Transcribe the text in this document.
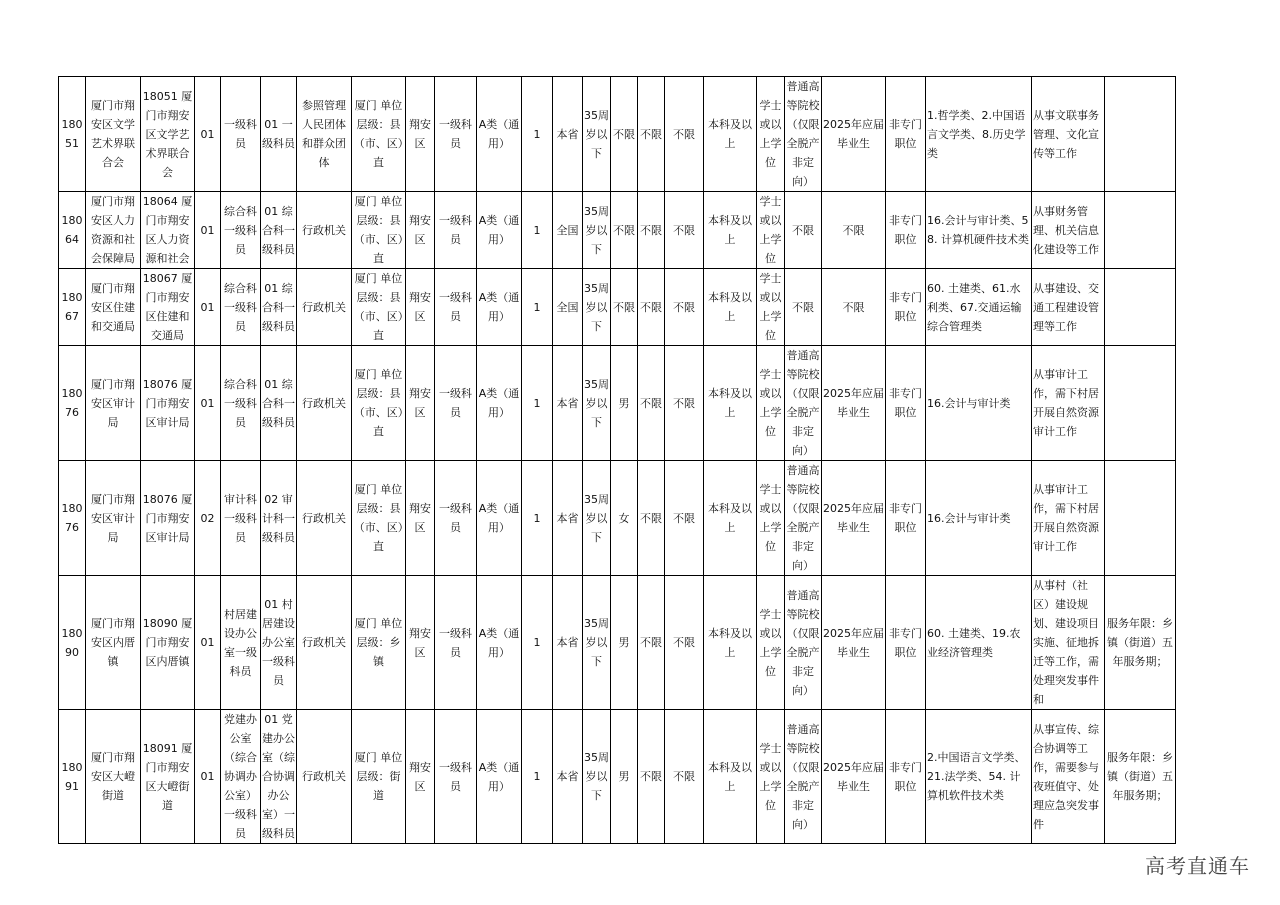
18051	厦门市翔安区文学艺术界联合会	18051 厦门市翔安区文学艺术界联合会	01	一级科员	01 一级科员	参照管理人民团体和群众团体	厦门 单位层级：县（市、区）直	翔安区	一级科员	A类（通用）	1	本省	35周岁以下	不限	不限	不限	本科及以上	学士或以上学位	普通高等院校（仅限全脱产非定向）	2025年应届毕业生	非专门职位	1.哲学类、2.中国语言文学类、8.历史学类	从事文联事务管理、文化宣传等工作	
18064	厦门市翔安区人力资源和社会保障局	18064 厦门市翔安区人力资源和社会	01	综合科一级科员	01 综合科一级科员	行政机关	厦门 单位层级：县（市、区）直	翔安区	一级科员	A类（通用）	1	全国	35周岁以下	不限	不限	不限	本科及以上	学士或以上学位	不限	不限	非专门职位	16.会计与审计类、58. 计算机硬件技术类	从事财务管理、机关信息化建设等工作	
18067	厦门市翔安区住建和交通局	18067 厦门市翔安区住建和交通局	01	综合科一级科员	01 综合科一级科员	行政机关	厦门 单位层级：县（市、区）直	翔安区	一级科员	A类（通用）	1	全国	35周岁以下	不限	不限	不限	本科及以上	学士或以上学位	不限	不限	非专门职位	60. 土建类、61.水利类、67.交通运输综合管理类	从事建设、交通工程建设管理等工作	
18076	厦门市翔安区审计局	18076 厦门市翔安区审计局	01	综合科一级科员	01 综合科一级科员	行政机关	厦门 单位层级：县（市、区）直	翔安区	一级科员	A类（通用）	1	本省	35周岁以下	男	不限	不限	本科及以上	学士或以上学位	普通高等院校（仅限全脱产非定向）	2025年应届毕业生	非专门职位	16.会计与审计类	从事审计工作，需下村居开展自然资源审计工作	
18076	厦门市翔安区审计局	18076 厦门市翔安区审计局	02	审计科一级科员	02 审计科一级科员	行政机关	厦门 单位层级：县（市、区）直	翔安区	一级科员	A类（通用）	1	本省	35周岁以下	女	不限	不限	本科及以上	学士或以上学位	普通高等院校（仅限全脱产非定向）	2025年应届毕业生	非专门职位	16.会计与审计类	从事审计工作，需下村居开展自然资源审计工作	
18090	厦门市翔安区内厝镇	18090 厦门市翔安区内厝镇	01	村居建设办公室一级科员	01 村居建设办公室一级科员	行政机关	厦门 单位层级：乡镇	翔安区	一级科员	A类（通用）	1	本省	35周岁以下	男	不限	不限	本科及以上	学士或以上学位	普通高等院校（仅限全脱产非定向）	2025年应届毕业生	非专门职位	60. 土建类、19.农业经济管理类	从事村（社区）建设规划、建设项目实施、征地拆迁等工作，需处理突发事件和	服务年限：乡镇（街道）五年服务期；
18091	厦门市翔安区大嶝街道	18091 厦门市翔安区大嶝街道	01	党建办公室（综合协调办公室）一级科员	01 党建办公室（综合协调办公室）一级科员	行政机关	厦门 单位层级：街道	翔安区	一级科员	A类（通用）	1	本省	35周岁以下	男	不限	不限	本科及以上	学士或以上学位	普通高等院校（仅限全脱产非定向）	2025年应届毕业生	非专门职位	2.中国语言文学类、21.法学类、54. 计算机软件技术类	从事宣传、综合协调等工作，需要参与夜班值守、处理应急突发事件	服务年限：乡镇（街道）五年服务期；
高考直通车
